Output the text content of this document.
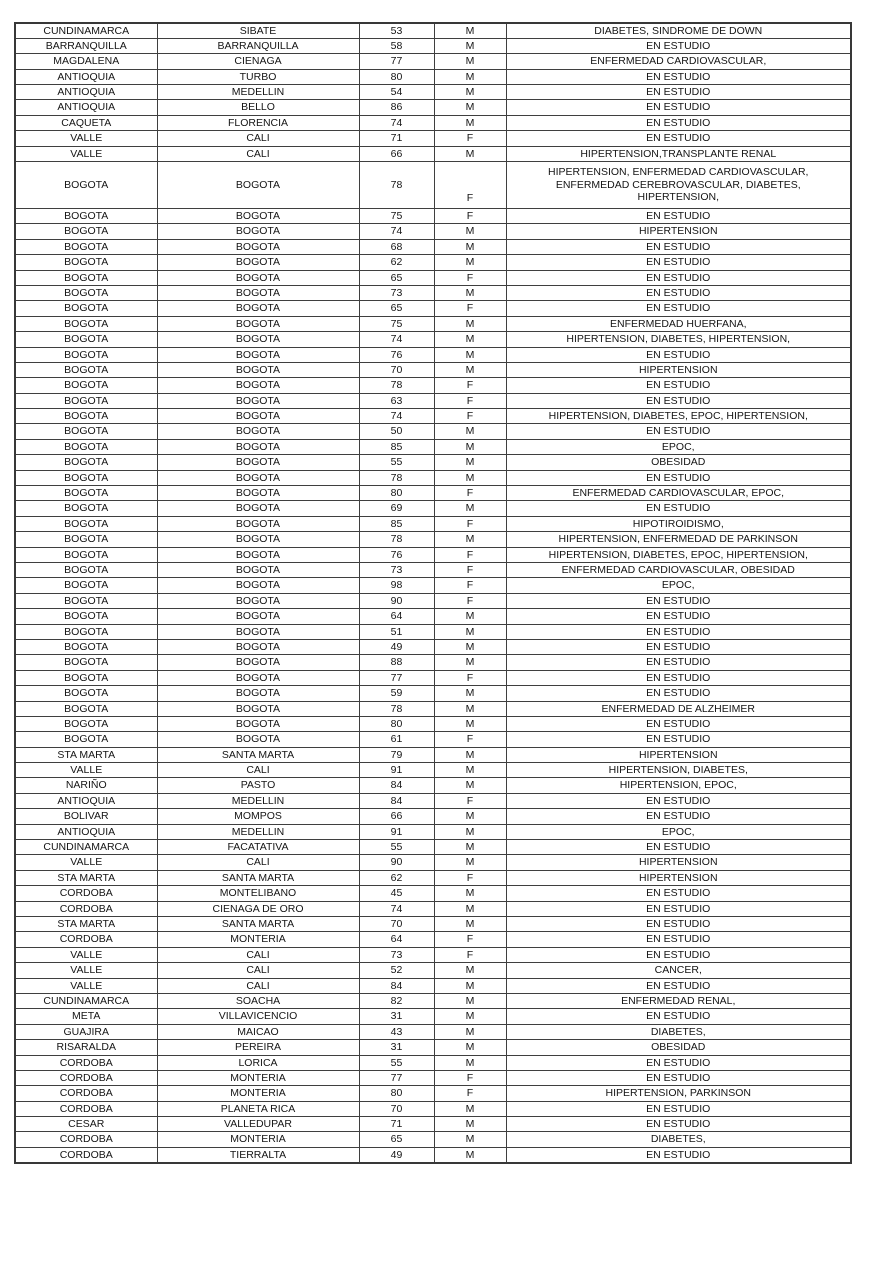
CUNDINAMARCA	SIBATE	53	M	DIABETES, SINDROME DE DOWN
BARRANQUILLA	BARRANQUILLA	58	M	EN ESTUDIO
MAGDALENA	CIENAGA	77	M	ENFERMEDAD CARDIOVASCULAR,
ANTIOQUIA	TURBO	80	M	EN ESTUDIO
ANTIOQUIA	MEDELLIN	54	M	EN ESTUDIO
ANTIOQUIA	BELLO	86	M	EN ESTUDIO
CAQUETA	FLORENCIA	74	M	EN ESTUDIO
VALLE	CALI	71	F	EN ESTUDIO
VALLE	CALI	66	M	HIPERTENSION,TRANSPLANTE RENAL
BOGOTA	BOGOTA	78	F	HIPERTENSION, ENFERMEDAD CARDIOVASCULAR, ENFERMEDAD CEREBROVASCULAR, DIABETES, HIPERTENSION,
BOGOTA	BOGOTA	75	F	EN ESTUDIO
BOGOTA	BOGOTA	74	M	HIPERTENSION
BOGOTA	BOGOTA	68	M	EN ESTUDIO
BOGOTA	BOGOTA	62	M	EN ESTUDIO
BOGOTA	BOGOTA	65	F	EN ESTUDIO
BOGOTA	BOGOTA	73	M	EN ESTUDIO
BOGOTA	BOGOTA	65	F	EN ESTUDIO
BOGOTA	BOGOTA	75	M	ENFERMEDAD HUERFANA,
BOGOTA	BOGOTA	74	M	HIPERTENSION, DIABETES, HIPERTENSION,
BOGOTA	BOGOTA	76	M	EN ESTUDIO
BOGOTA	BOGOTA	70	M	HIPERTENSION
BOGOTA	BOGOTA	78	F	EN ESTUDIO
BOGOTA	BOGOTA	63	F	EN ESTUDIO
BOGOTA	BOGOTA	74	F	HIPERTENSION, DIABETES, EPOC, HIPERTENSION,
BOGOTA	BOGOTA	50	M	EN ESTUDIO
BOGOTA	BOGOTA	85	M	EPOC,
BOGOTA	BOGOTA	55	M	OBESIDAD
BOGOTA	BOGOTA	78	M	EN ESTUDIO
BOGOTA	BOGOTA	80	F	ENFERMEDAD CARDIOVASCULAR, EPOC,
BOGOTA	BOGOTA	69	M	EN ESTUDIO
BOGOTA	BOGOTA	85	F	HIPOTIROIDISMO,
BOGOTA	BOGOTA	78	M	HIPERTENSION, ENFERMEDAD DE PARKINSON
BOGOTA	BOGOTA	76	F	HIPERTENSION, DIABETES, EPOC, HIPERTENSION,
BOGOTA	BOGOTA	73	F	ENFERMEDAD CARDIOVASCULAR, OBESIDAD
BOGOTA	BOGOTA	98	F	EPOC,
BOGOTA	BOGOTA	90	F	EN ESTUDIO
BOGOTA	BOGOTA	64	M	EN ESTUDIO
BOGOTA	BOGOTA	51	M	EN ESTUDIO
BOGOTA	BOGOTA	49	M	EN ESTUDIO
BOGOTA	BOGOTA	88	M	EN ESTUDIO
BOGOTA	BOGOTA	77	F	EN ESTUDIO
BOGOTA	BOGOTA	59	M	EN ESTUDIO
BOGOTA	BOGOTA	78	M	ENFERMEDAD DE ALZHEIMER
BOGOTA	BOGOTA	80	M	EN ESTUDIO
BOGOTA	BOGOTA	61	F	EN ESTUDIO
STA MARTA	SANTA MARTA	79	M	HIPERTENSION
VALLE	CALI	91	M	HIPERTENSION, DIABETES,
NARIÑO	PASTO	84	M	HIPERTENSION, EPOC,
ANTIOQUIA	MEDELLIN	84	F	EN ESTUDIO
BOLIVAR	MOMPOS	66	M	EN ESTUDIO
ANTIOQUIA	MEDELLIN	91	M	EPOC,
CUNDINAMARCA	FACATATIVA	55	M	EN ESTUDIO
VALLE	CALI	90	M	HIPERTENSION
STA MARTA	SANTA MARTA	62	F	HIPERTENSION
CORDOBA	MONTELIBANO	45	M	EN ESTUDIO
CORDOBA	CIENAGA DE ORO	74	M	EN ESTUDIO
STA MARTA	SANTA MARTA	70	M	EN ESTUDIO
CORDOBA	MONTERIA	64	F	EN ESTUDIO
VALLE	CALI	73	F	EN ESTUDIO
VALLE	CALI	52	M	CANCER,
VALLE	CALI	84	M	EN ESTUDIO
CUNDINAMARCA	SOACHA	82	M	ENFERMEDAD RENAL,
META	VILLAVICENCIO	31	M	EN ESTUDIO
GUAJIRA	MAICAO	43	M	DIABETES,
RISARALDA	PEREIRA	31	M	OBESIDAD
CORDOBA	LORICA	55	M	EN ESTUDIO
CORDOBA	MONTERIA	77	F	EN ESTUDIO
CORDOBA	MONTERIA	80	F	HIPERTENSION, PARKINSON
CORDOBA	PLANETA RICA	70	M	EN ESTUDIO
CESAR	VALLEDUPAR	71	M	EN ESTUDIO
CORDOBA	MONTERIA	65	M	DIABETES,
CORDOBA	TIERRALTA	49	M	EN ESTUDIO
